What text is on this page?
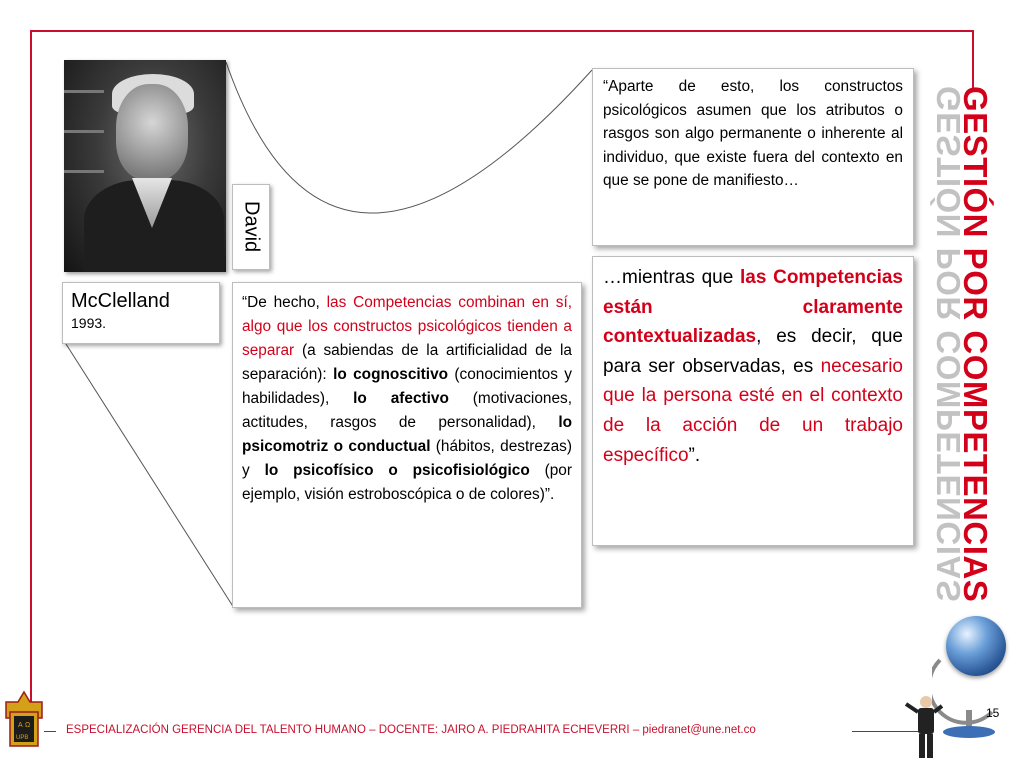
David
McClelland
1993.
“De hecho, las Competencias combinan en sí, algo que los constructos psicológicos tienden a separar (a sabiendas de la artificialidad de la separación): lo cognoscitivo (conocimientos y habilidades), lo afectivo (motivaciones, actitudes, rasgos de personalidad), lo psicomotriz o conductual (hábitos, destrezas) y lo psicofísico o psicofisiológico (por ejemplo, visión estroboscópica o de colores)”.
“Aparte de esto, los constructos psicológicos asumen que los atributos o rasgos son algo permanente o inherente al individuo, que existe fuera del contexto en que se pone de manifiesto…
…mientras que las Competencias están claramente contextualizadas, es decir, que para ser observadas, es necesario que la persona esté en el contexto de la acción de un trabajo específico”.	GESTIÓN POR COMPETENCIAS
GESTIÓN POR COMPETENCIAS
A Ω
UPB
ESPECIALIZACIÓN GERENCIA DEL TALENTO HUMANO – DOCENTE: JAIRO A. PIEDRAHITA ECHEVERRI – piedranet@une.net.co
15
